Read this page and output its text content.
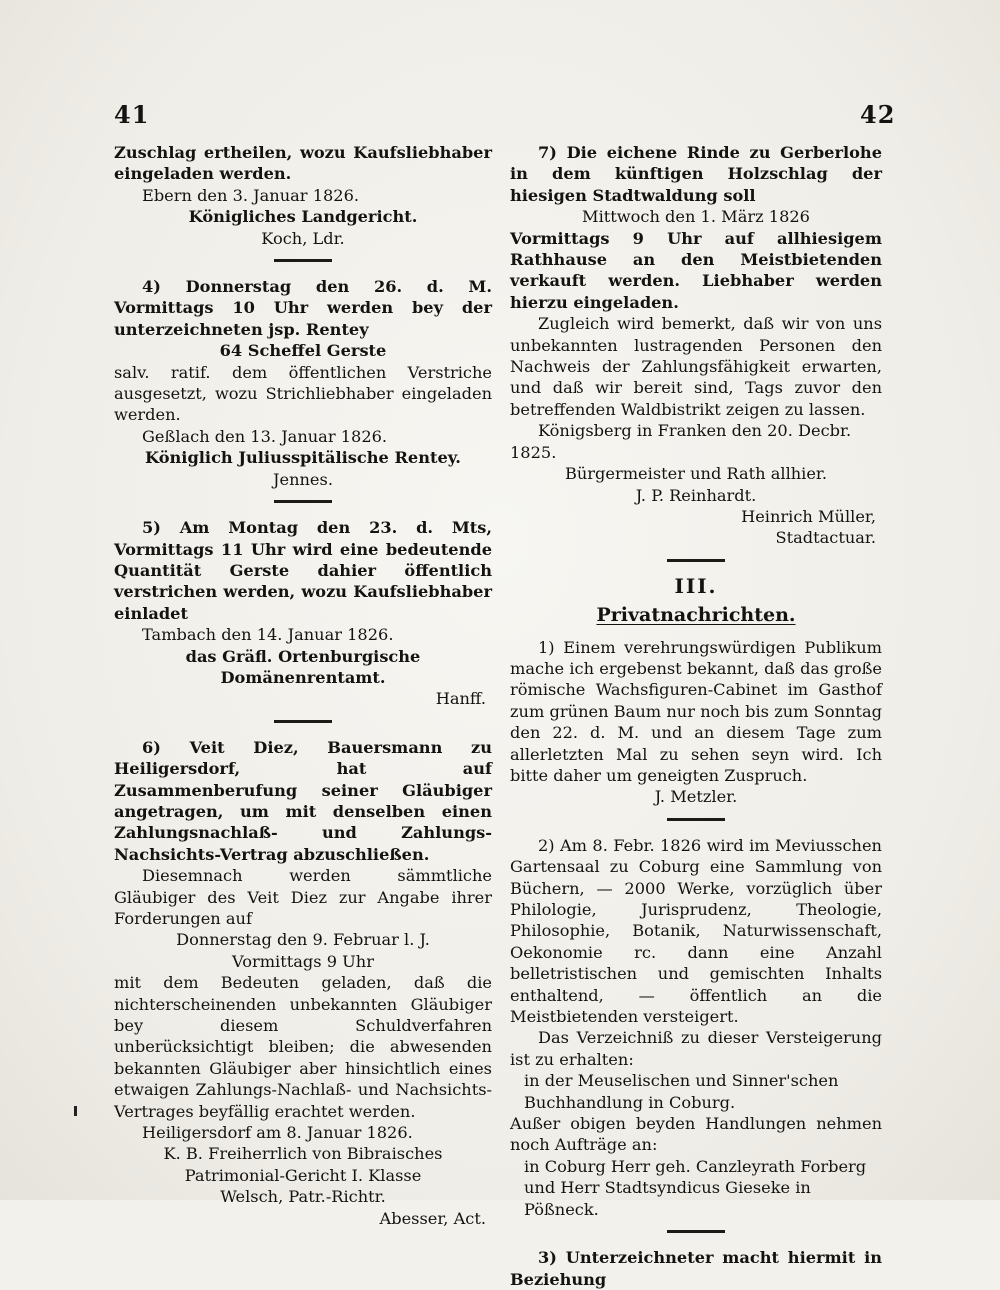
41	42

Zuschlag ertheilen, wozu Kaufsliebhaber eingeladen werden.

Ebern den 3. Januar 1826.

Königliches Landgericht.
Koch, Ldr.

4) Donnerstag den 26. d. M. Vormittags 10 Uhr werden bey der unterzeichneten jsp. Rentey

64 Scheffel Gerste

salv. ratif. dem öffentlichen Verstriche ausgesetzt, wozu Strichliebhaber eingeladen werden.

Geßlach den 13. Januar 1826.

Königlich Juliusspitälische Rentey.
Jennes.

5) Am Montag den 23. d. Mts, Vormittags 11 Uhr wird eine bedeutende Quantität Gerste dahier öffentlich verstrichen werden, wozu Kaufsliebhaber einladet

Tambach den 14. Januar 1826.

das Gräfl. Ortenburgische Domänenrentamt.
Hanff.

6) Veit Diez, Bauersmann zu Heiligersdorf, hat auf Zusammenberufung seiner Gläubiger angetragen, um mit denselben einen Zahlungsnachlaß- und Zahlungs-Nachsichts-Vertrag abzuschließen.

Diesemnach werden sämmtliche Gläubiger des Veit Diez zur Angabe ihrer Forderungen auf

Donnerstag den 9. Februar l. J.
Vormittags 9 Uhr

mit dem Bedeuten geladen, daß die nichterscheinenden unbekannten Gläubiger bey diesem Schuldverfahren unberücksichtigt bleiben; die abwesenden bekannten Gläubiger aber hinsichtlich eines etwaigen Zahlungs-Nachlaß- und Nachsichts-Vertrages beyfällig erachtet werden.

Heiligersdorf am 8. Januar 1826.

K. B. Freiherrlich von Bibraisches
Patrimonial-Gericht I. Klasse
Welsch, Patr.-Richtr.
Abesser, Act.

7) Die eichene Rinde zu Gerberlohe in dem künftigen Holzschlag der hiesigen Stadtwaldung soll

Mittwoch den 1. März 1826

Vormittags 9 Uhr auf allhiesigem Rathhause an den Meistbietenden verkauft werden. Liebhaber werden hierzu eingeladen.

Zugleich wird bemerkt, daß wir von uns unbekannten lustragenden Personen den Nachweis der Zahlungsfähigkeit erwarten, und daß wir bereit sind, Tags zuvor den betreffenden Waldbistrikt zeigen zu lassen.

Königsberg in Franken den 20. Decbr. 1825.

Bürgermeister und Rath allhier.
J. P. Reinhardt.
Heinrich Müller,
Stadtactuar.
III.
Privatnachrichten.

1) Einem verehrungswürdigen Publikum mache ich ergebenst bekannt, daß das große römische Wachsfiguren-Cabinet im Gasthof zum grünen Baum nur noch bis zum Sonntag den 22. d. M. und an diesem Tage zum allerletzten Mal zu sehen seyn wird. Ich bitte daher um geneigten Zuspruch.

J. Metzler.

2) Am 8. Febr. 1826 wird im Meviusschen Gartensaal zu Coburg eine Sammlung von Büchern, — 2000 Werke, vorzüglich über Philologie, Jurisprudenz, Theologie, Philosophie, Botanik, Naturwissenschaft, Oekonomie rc. dann eine Anzahl belletristischen und gemischten Inhalts enthaltend, — öffentlich an die Meistbietenden versteigert.

Das Verzeichniß zu dieser Versteigerung ist zu erhalten:

in der Meuselischen und Sinner'schen Buchhandlung in Coburg.

Außer obigen beyden Handlungen nehmen noch Aufträge an:

in Coburg Herr geh. Canzleyrath Forberg
und Herr Stadtsyndicus Gieseke in Pößneck.

3) Unterzeichneter macht hiermit in Beziehung
